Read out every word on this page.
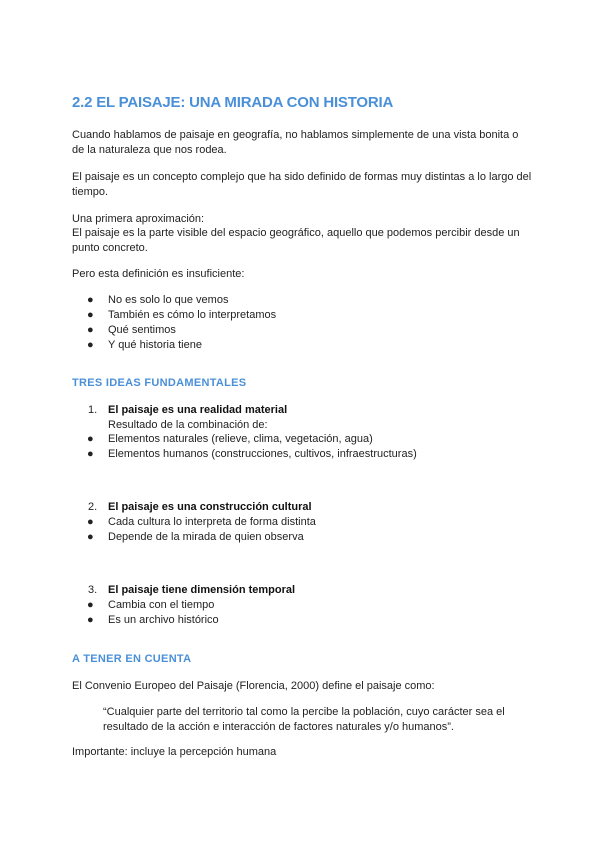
2.2 EL PAISAJE: UNA MIRADA CON HISTORIA

Cuando hablamos de paisaje en geografía, no hablamos simplemente de una vista bonita o de la naturaleza que nos rodea.

El paisaje es un concepto complejo que ha sido definido de formas muy distintas a lo largo del tiempo.

Una primera aproximación:

El paisaje es la parte visible del espacio geográfico, aquello que podemos percibir desde un punto concreto.

Pero esta definición es insuficiente:

● No es solo lo que vemos
● También es cómo lo interpretamos
● Qué sentimos
● Y qué historia tiene
TRES IDEAS FUNDAMENTALES
1. El paisaje es una realidad material

Resultado de la combinación de:

● Elementos naturales (relieve, clima, vegetación, agua)
● Elementos humanos (construcciones, cultivos, infraestructuras)
2. El paisaje es una construcción cultural
● Cada cultura lo interpreta de forma distinta
● Depende de la mirada de quien observa
3. El paisaje tiene dimensión temporal
● Cambia con el tiempo
● Es un archivo histórico
A TENER EN CUENTA

El Convenio Europeo del Paisaje (Florencia, 2000) define el paisaje como:

“Cualquier parte del territorio tal como la percibe la población, cuyo carácter sea el resultado de la acción e interacción de factores naturales y/o humanos”.

Importante: incluye la percepción humana
